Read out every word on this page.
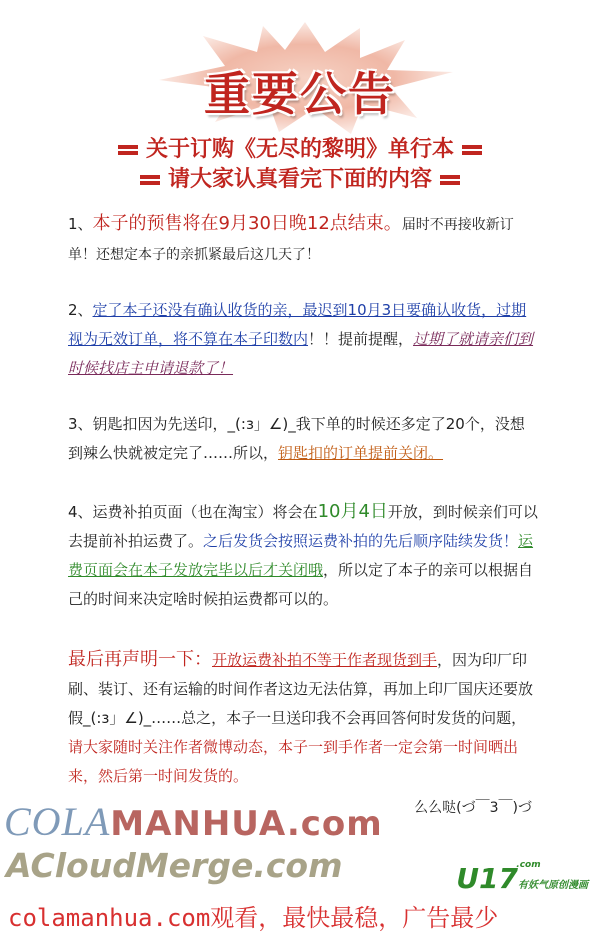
重要公告
关于订购《无尽的黎明》单行本
请大家认真看完下面的内容
1、本子的预售将在9月30日晚12点结束。届时不再接收新订单！还想定本子的亲抓紧最后这几天了！
2、定了本子还没有确认收货的亲，最迟到10月3日要确认收货，过期视为无效订单，将不算在本子印数内！！提前提醒，过期了就请亲们到时候找店主申请退款了！
3、钥匙扣因为先送印，_(:з」∠)_我下单的时候还多定了20个，没想到辣么快就被定完了……所以，钥匙扣的订单提前关闭。
4、运费补拍页面（也在淘宝）将会在10月4日开放，到时候亲们可以去提前补拍运费了。之后发货会按照运费补拍的先后顺序陆续发货！运费页面会在本子发放完毕以后才关闭哦，所以定了本子的亲可以根据自己的时间来决定啥时候拍运费都可以的。
最后再声明一下：开放运费补拍不等于作者现货到手，因为印厂印刷、装订、还有运输的时间作者这边无法估算，再加上印厂国庆还要放假_(:з」∠)_……总之，本子一旦送印我不会再回答何时发货的问题，请大家随时关注作者微博动态，本子一到手作者一定会第一时间晒出来，然后第一时间发货的。
么么哒(づ￣3￣)づ
COLAMANHUA.com
ACloudMerge.com	.com
U17有妖气原创漫画
colamanhua.com观看，最快最稳，广告最少
